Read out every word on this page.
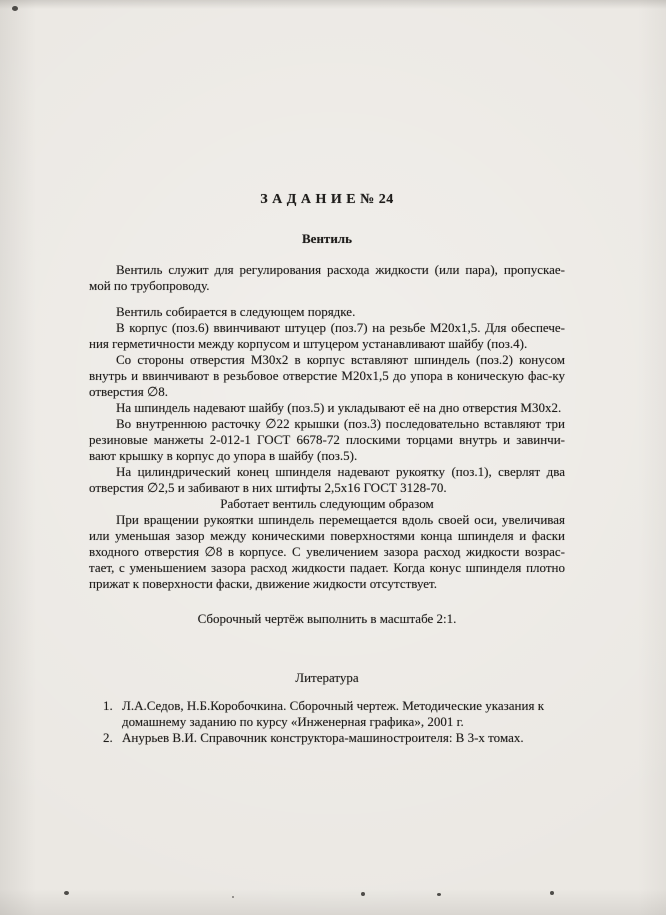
З А Д А Н И Е № 24
Вентиль

Вентиль служит для регулирования расхода жидкости (или пара), пропускае-мой по трубопроводу.

Вентиль собирается в следующем порядке.

В корпус (поз.6) ввинчивают штуцер (поз.7) на резьбе М20х1,5. Для обеспече-ния герметичности между корпусом и штуцером устанавливают шайбу (поз.4).

Со стороны отверстия М30х2 в корпус вставляют шпиндель (поз.2) конусом внутрь и ввинчивают в резьбовое отверстие М20х1,5 до упора в коническую фас-ку отверстия ∅8.

На шпиндель надевают шайбу (поз.5) и укладывают её на дно отверстия М30х2.

Во внутреннюю расточку ∅22 крышки (поз.3) последовательно вставляют три резиновые манжеты 2-012-1 ГОСТ 6678-72 плоскими торцами внутрь и завинчи-вают крышку в корпус до упора в шайбу (поз.5).

На цилиндрический конец шпинделя надевают рукоятку (поз.1), сверлят два отверстия ∅2,5 и забивают в них штифты 2,5х16 ГОСТ 3128-70.

Работает вентиль следующим образом

При вращении рукоятки шпиндель перемещается вдоль своей оси, увеличивая или уменьшая зазор между коническими поверхностями конца шпинделя и фаски входного отверстия ∅8 в корпусе. С увеличением зазора расход жидкости возрас-тает, с уменьшением зазора расход жидкости падает. Когда конус шпинделя плотно прижат к поверхности фаски, движение жидкости отсутствует.

Сборочный чертёж выполнить в масштабе 2:1.

Литература

1. Л.А.Седов, Н.Б.Коробочкина. Сборочный чертеж. Методические указания к домашнему заданию по курсу «Инженерная графика», 2001 г.
2. Анурьев В.И. Справочник конструктора-машиностроителя: В 3-х томах.
